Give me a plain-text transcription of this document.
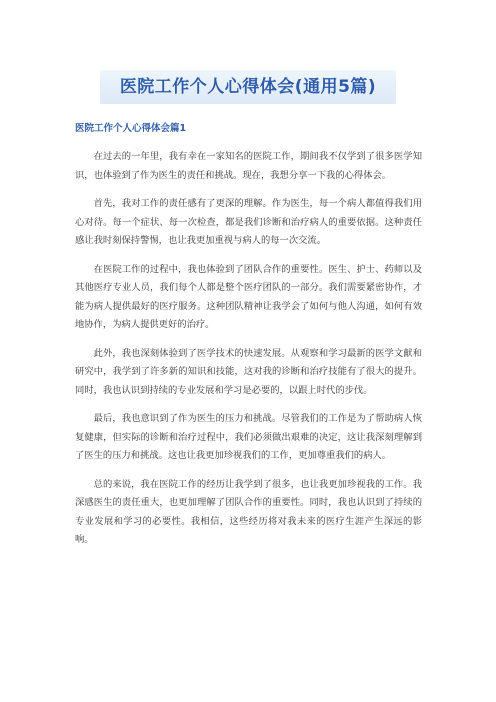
医院工作个人心得体会(通用5篇)
医院工作个人心得体会篇1

在过去的一年里，我有幸在一家知名的医院工作，期间我不仅学到了很多医学知识，也体验到了作为医生的责任和挑战。现在，我想分享一下我的心得体会。

首先，我对工作的责任感有了更深的理解。作为医生，每一个病人都值得我们用心对待。每一个症状、每一次检查，都是我们诊断和治疗病人的重要依据。这种责任感让我时刻保持警惕，也让我更加重视与病人的每一次交流。

在医院工作的过程中，我也体验到了团队合作的重要性。医生、护士、药师以及其他医疗专业人员，我们每个人都是整个医疗团队的一部分。我们需要紧密协作，才能为病人提供最好的医疗服务。这种团队精神让我学会了如何与他人沟通，如何有效地协作，为病人提供更好的治疗。

此外，我也深刻体验到了医学技术的快速发展。从观察和学习最新的医学文献和研究中，我学到了许多新的知识和技能，这对我的诊断和治疗技能有了很大的提升。同时，我也认识到持续的专业发展和学习是必要的，以跟上时代的步伐。

最后，我也意识到了作为医生的压力和挑战。尽管我们的工作是为了帮助病人恢复健康，但实际的诊断和治疗过程中，我们必须做出艰难的决定，这让我深刻理解到了医生的压力和挑战。这也让我更加珍视我们的工作，更加尊重我们的病人。

总的来说，我在医院工作的经历让我学到了很多，也让我更加珍视我的工作。我深感医生的责任重大，也更加理解了团队合作的重要性。同时，我也认识到了持续的专业发展和学习的必要性。我相信，这些经历将对我未来的医疗生涯产生深远的影响。
